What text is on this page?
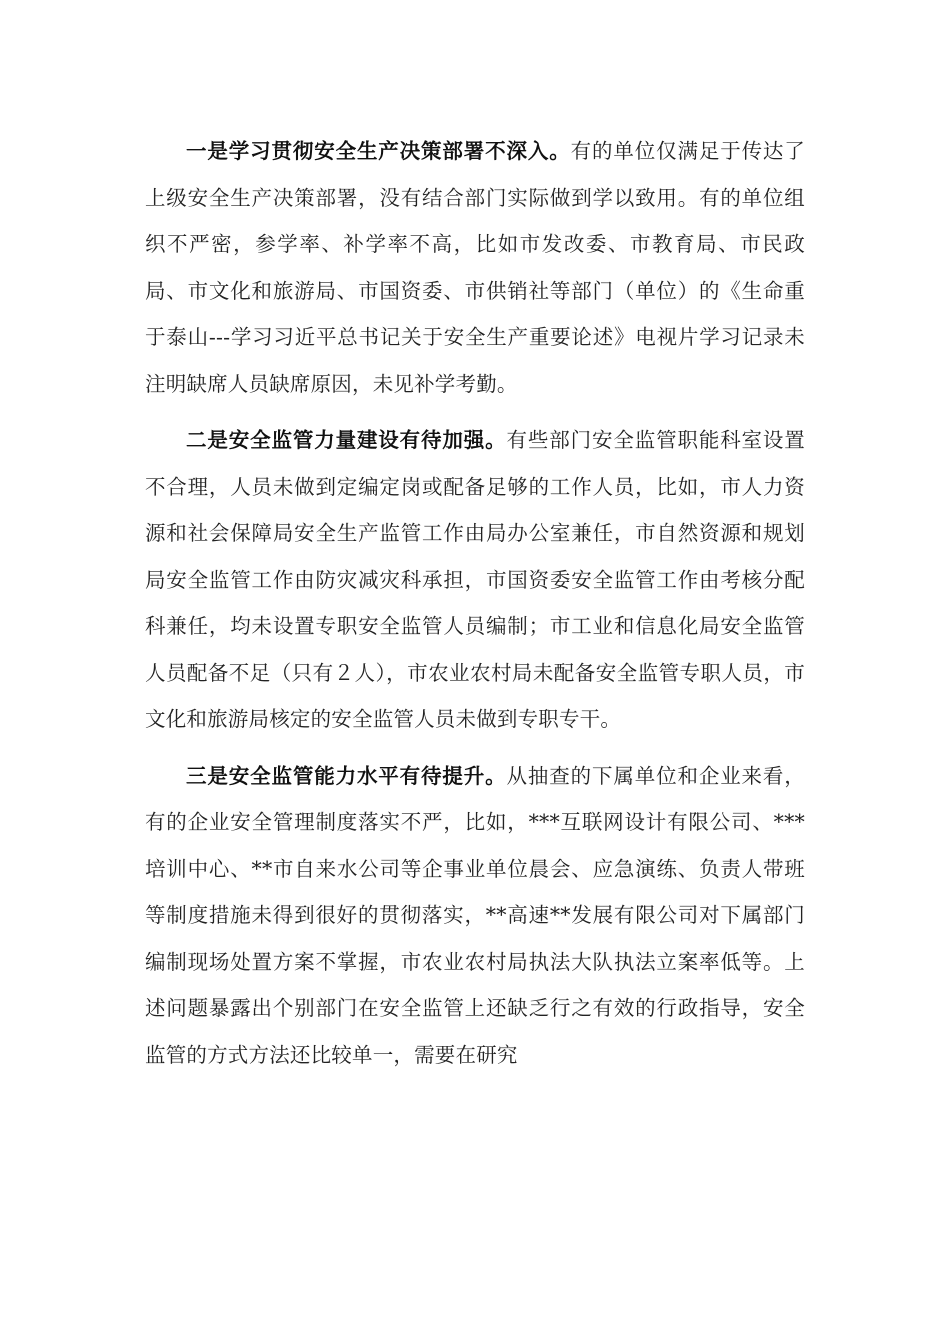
一是学习贯彻安全生产决策部署不深入。有的单位仅满足于传达了上级安全生产决策部署，没有结合部门实际做到学以致用。有的单位组织不严密，参学率、补学率不高，比如市发改委、市教育局、市民政局、市文化和旅游局、市国资委、市供销社等部门（单位）的《生命重于泰山---学习习近平总书记关于安全生产重要论述》电视片学习记录未注明缺席人员缺席原因，未见补学考勤。

二是安全监管力量建设有待加强。有些部门安全监管职能科室设置不合理，人员未做到定编定岗或配备足够的工作人员，比如，市人力资源和社会保障局安全生产监管工作由局办公室兼任，市自然资源和规划局安全监管工作由防灾减灾科承担，市国资委安全监管工作由考核分配科兼任，均未设置专职安全监管人员编制；市工业和信息化局安全监管人员配备不足（只有２人），市农业农村局未配备安全监管专职人员，市文化和旅游局核定的安全监管人员未做到专职专干。

三是安全监管能力水平有待提升。从抽查的下属单位和企业来看，有的企业安全管理制度落实不严，比如，***互联网设计有限公司、***培训中心、**市自来水公司等企事业单位晨会、应急演练、负责人带班等制度措施未得到很好的贯彻落实，**高速**发展有限公司对下属部门编制现场处置方案不掌握，市农业农村局执法大队执法立案率低等。上述问题暴露出个别部门在安全监管上还缺乏行之有效的行政指导，安全监管的方式方法还比较单一，需要在研究
